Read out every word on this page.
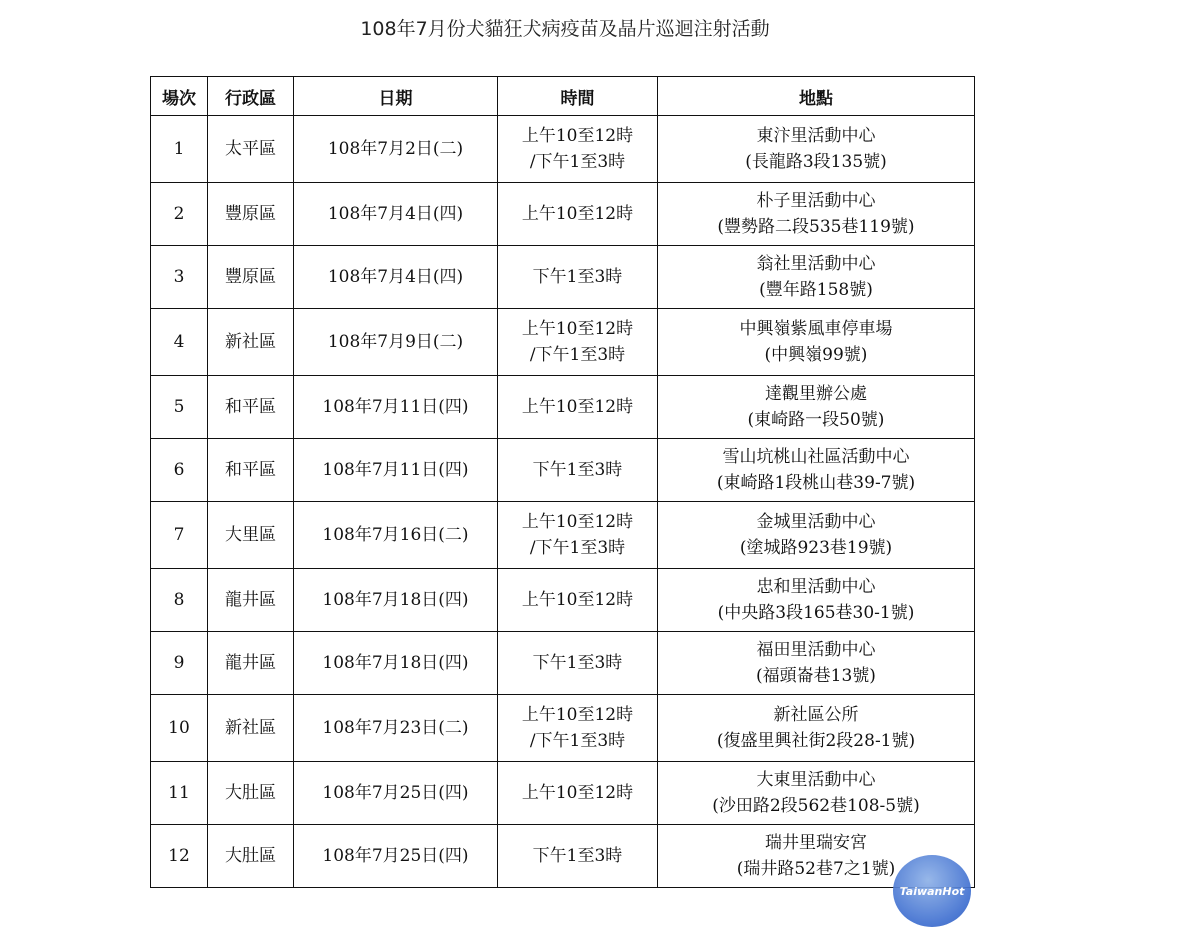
108年7月份犬貓狂犬病疫苗及晶片巡迴注射活動
場次	行政區	日期	時間	地點
1	太平區	108年7月2日(二)	上午10至12時
/下午1至3時	東汴里活動中心
(長龍路3段135號)

2	豐原區	108年7月4日(四)	上午10至12時	朴子里活動中心
(豐勢路二段535巷119號)

3	豐原區	108年7月4日(四)	下午1至3時	翁社里活動中心
(豐年路158號)

4	新社區	108年7月9日(二)	上午10至12時
/下午1至3時	中興嶺紫風車停車場
(中興嶺99號)

5	和平區	108年7月11日(四)	上午10至12時	達觀里辦公處
(東崎路一段50號)

6	和平區	108年7月11日(四)	下午1至3時	雪山坑桃山社區活動中心
(東崎路1段桃山巷39-7號)

7	大里區	108年7月16日(二)	上午10至12時
/下午1至3時	金城里活動中心
(塗城路923巷19號)

8	龍井區	108年7月18日(四)	上午10至12時	忠和里活動中心
(中央路3段165巷30-1號)

9	龍井區	108年7月18日(四)	下午1至3時	福田里活動中心
(福頭崙巷13號)

10	新社區	108年7月23日(二)	上午10至12時
/下午1至3時	新社區公所
(復盛里興社街2段28-1號)

11	大肚區	108年7月25日(四)	上午10至12時	大東里活動中心
(沙田路2段562巷108-5號)

12	大肚區	108年7月25日(四)	下午1至3時	瑞井里瑞安宮
(瑞井路52巷7之1號)
TaiwanHot
